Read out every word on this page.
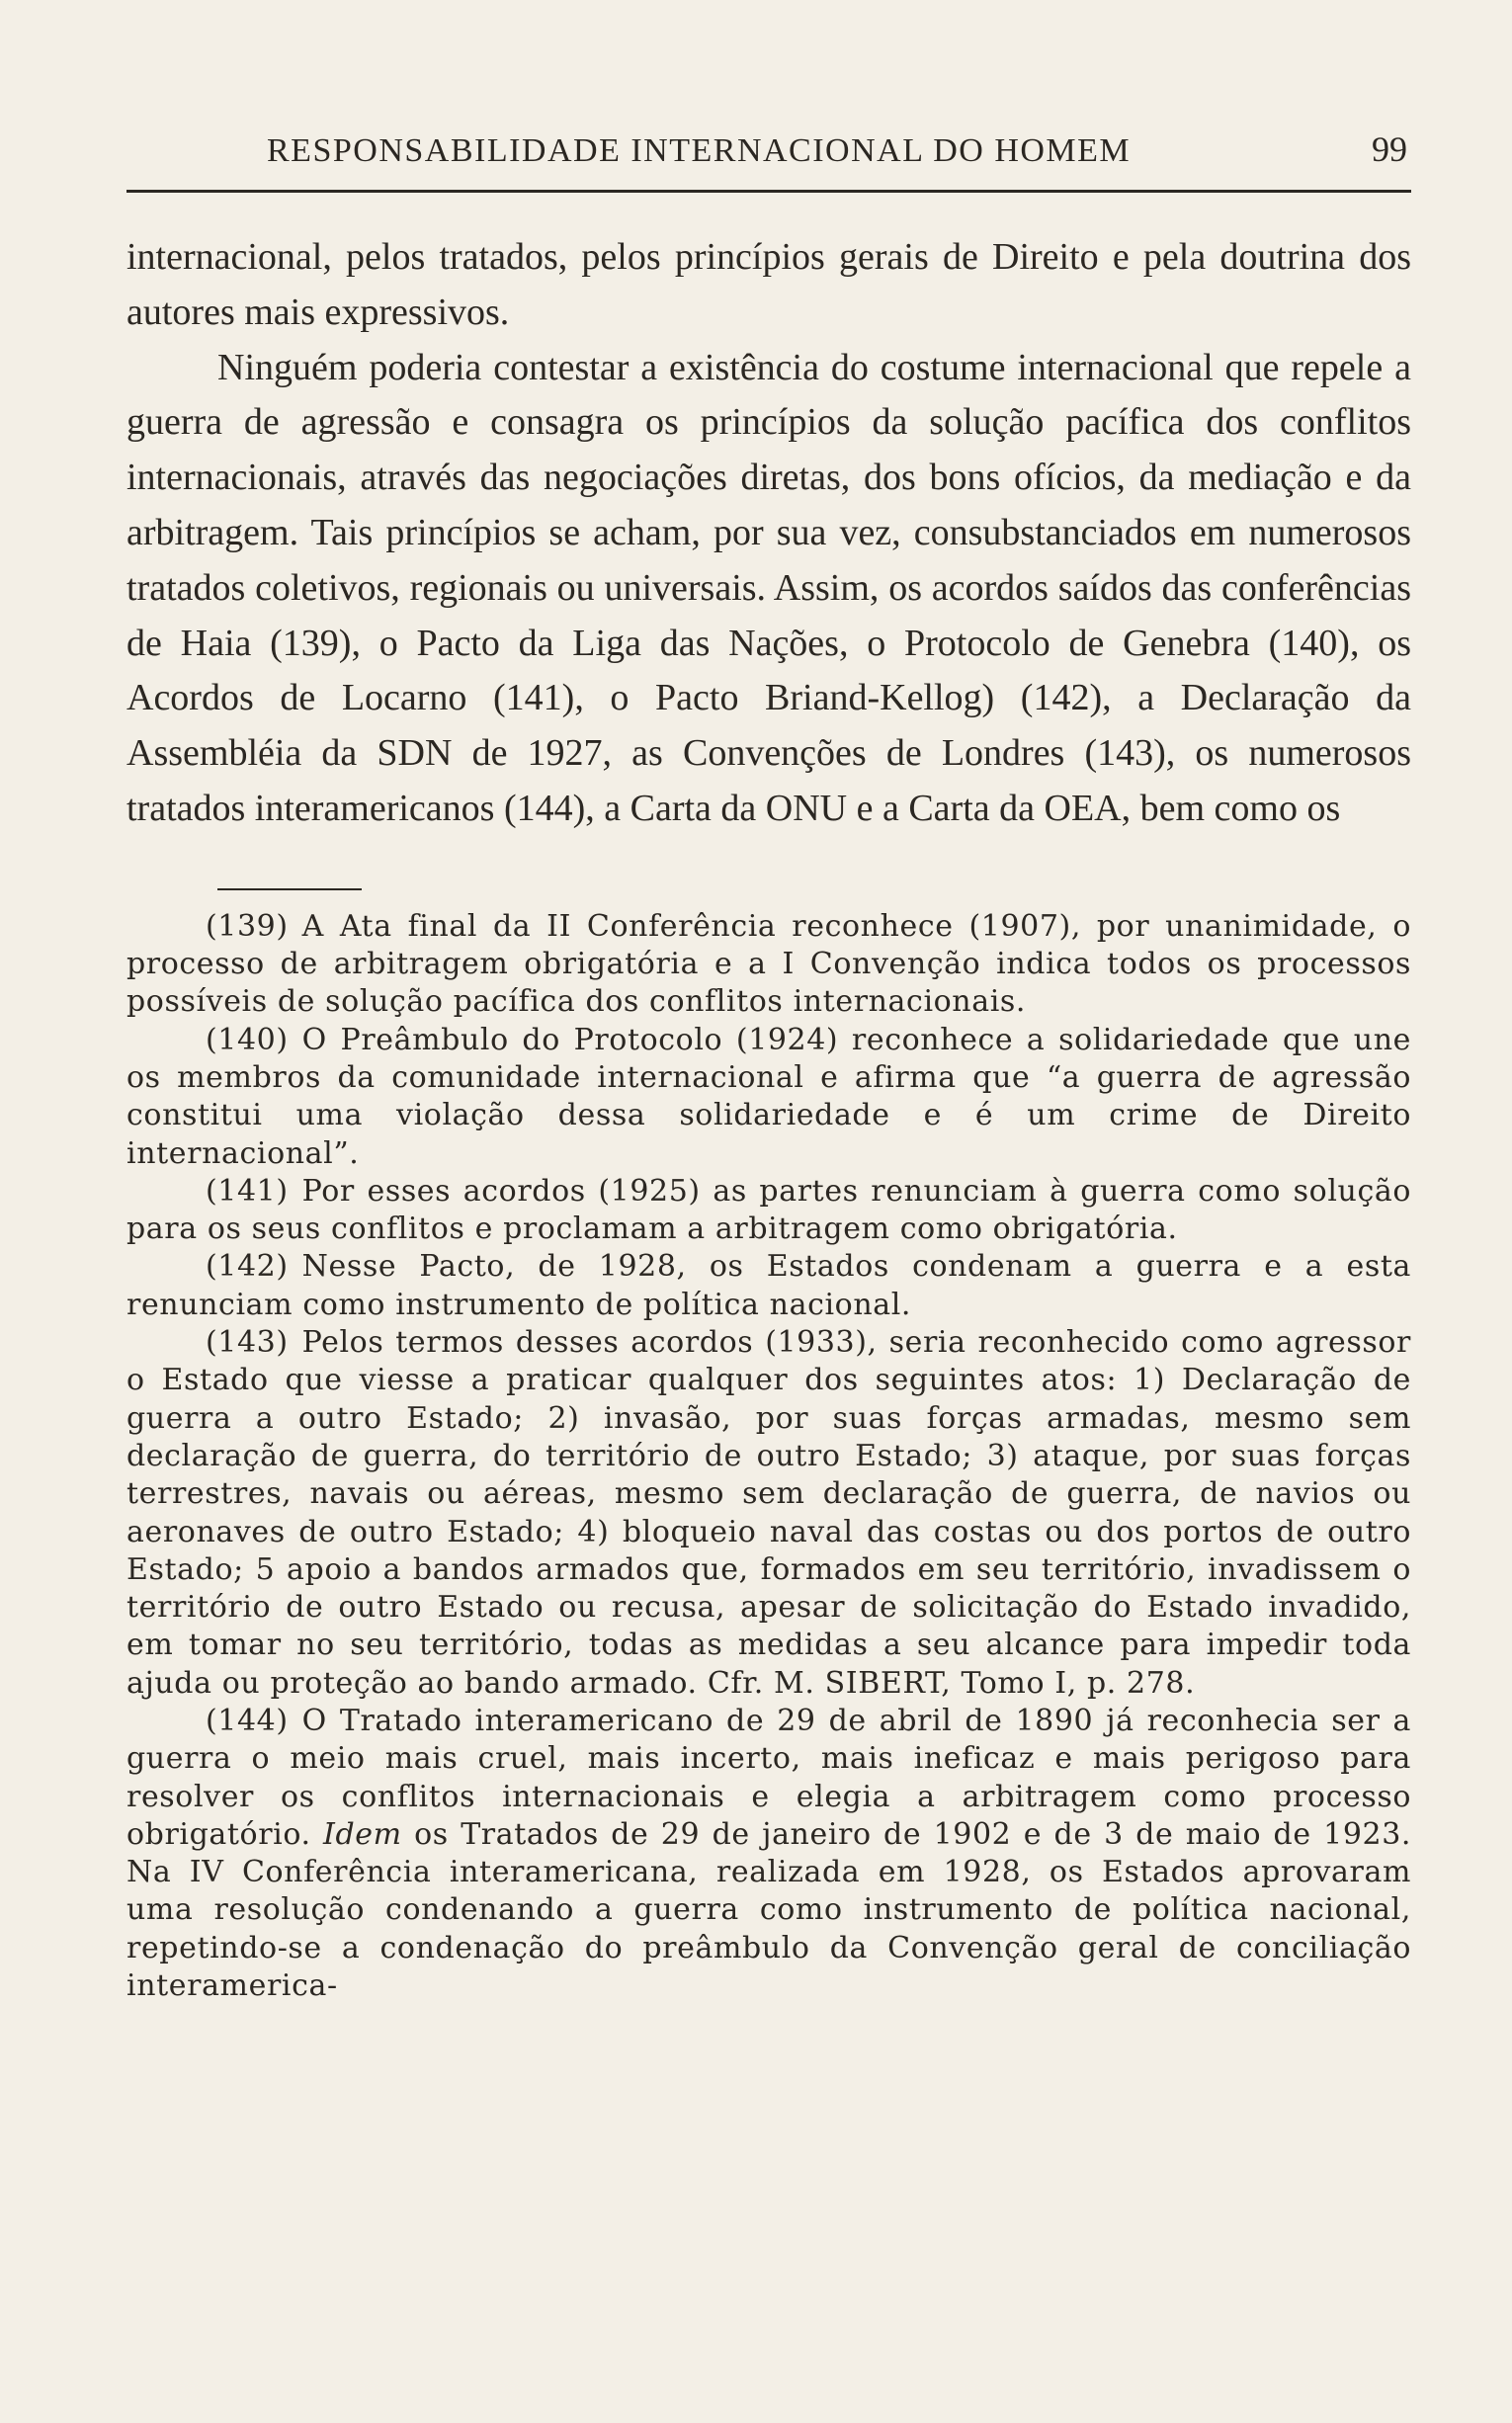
RESPONSABILIDADE INTERNACIONAL DO HOMEM	99

internacional, pelos tratados, pelos princípios gerais de Direito e pela doutrina dos autores mais expressivos.

Ninguém poderia contestar a existência do costume internacional que repele a guerra de agressão e consagra os princípios da solução pacífica dos conflitos internacionais, através das negociações diretas, dos bons ofícios, da mediação e da arbitragem. Tais princípios se acham, por sua vez, consubstanciados em numerosos tratados coletivos, regionais ou universais. Assim, os acordos saídos das conferências de Haia (139), o Pacto da Liga das Nações, o Protocolo de Genebra (140), os Acordos de Locarno (141), o Pacto Briand-Kellog) (142), a Declaração da Assembléia da SDN de 1927, as Convenções de Londres (143), os numerosos tratados interamericanos (144), a Carta da ONU e a Carta da OEA, bem como os

(139) A Ata final da II Conferência reconhece (1907), por unanimidade, o processo de arbitragem obrigatória e a I Convenção indica todos os processos possíveis de solução pacífica dos conflitos internacionais.

(140) O Preâmbulo do Protocolo (1924) reconhece a solidariedade que une os membros da comunidade internacional e afirma que “a guerra de agressão constitui uma violação dessa solidariedade e é um crime de Direito internacional”.

(141) Por esses acordos (1925) as partes renunciam à guerra como solução para os seus conflitos e proclamam a arbitragem como obrigatória.

(142) Nesse Pacto, de 1928, os Estados condenam a guerra e a esta renunciam como instrumento de política nacional.

(143) Pelos termos desses acordos (1933), seria reconhecido como agressor o Estado que viesse a praticar qualquer dos seguintes atos: 1) Declaração de guerra a outro Estado; 2) invasão, por suas forças armadas, mesmo sem declaração de guerra, do território de outro Estado; 3) ataque, por suas forças terrestres, navais ou aéreas, mesmo sem declaração de guerra, de navios ou aeronaves de outro Estado; 4) bloqueio naval das costas ou dos portos de outro Estado; 5 apoio a bandos armados que, formados em seu território, invadissem o território de outro Estado ou recusa, apesar de solicitação do Estado invadido, em tomar no seu território, todas as medidas a seu alcance para impedir toda ajuda ou proteção ao bando armado. Cfr. M. SIBERT, Tomo I, p. 278.

(144) O Tratado interamericano de 29 de abril de 1890 já reconhecia ser a guerra o meio mais cruel, mais incerto, mais ineficaz e mais perigoso para resolver os conflitos internacionais e elegia a arbitragem como processo obrigatório. Idem os Tratados de 29 de janeiro de 1902 e de 3 de maio de 1923. Na IV Conferência interamericana, realizada em 1928, os Estados aprovaram uma resolução condenando a guerra como instrumento de política nacional, repetindo-se a condenação do preâmbulo da Convenção geral de conciliação interamerica-
